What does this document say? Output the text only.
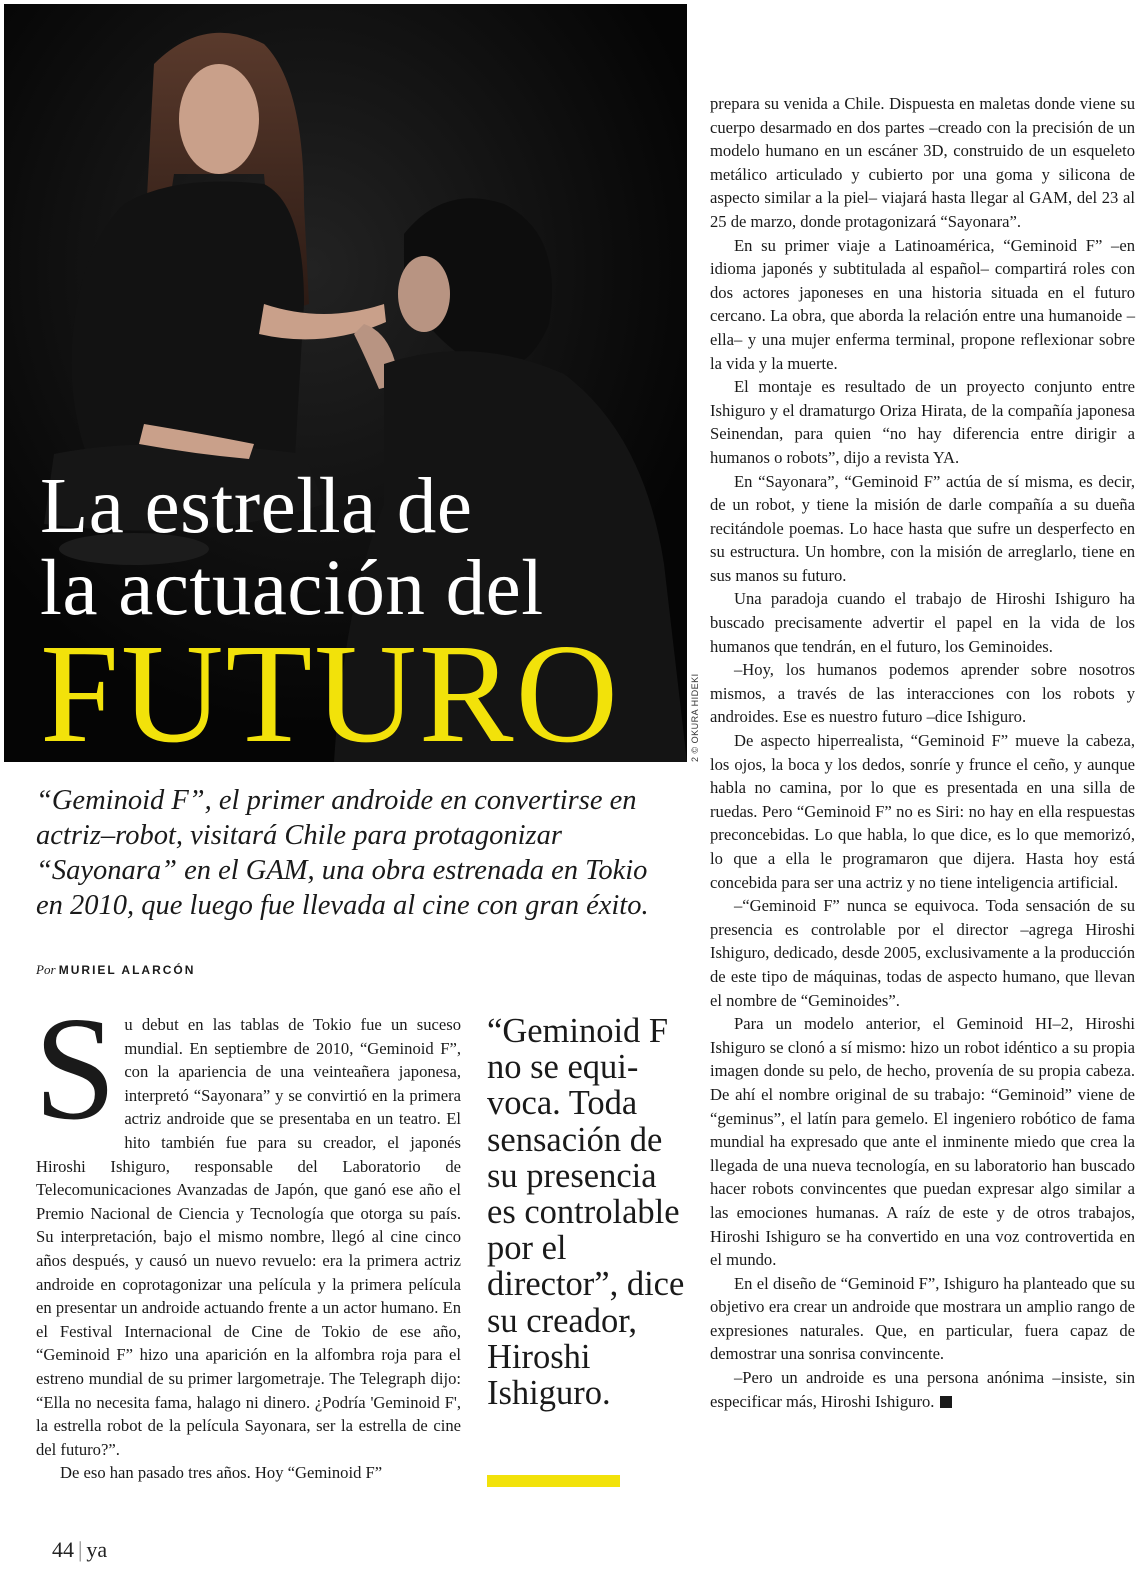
La estrella de
la actuación del
FUTURO	2 © OKURA HIDEKI

“Geminoid F”, el primer androide en convertirse en actriz–robot, visitará Chile para protagonizar “Sayonara” en el GAM, una obra estrenada en Tokio en 2010, que luego fue llevada al cine con gran éxito.

Por MURIEL ALARCÓN

Su debut en las tablas de Tokio fue un suceso mundial. En septiembre de 2010, “Geminoid F”, con la apariencia de una veinteañera japonesa, interpretó “Sayonara” y se convirtió en la primera actriz androide que se presentaba en un teatro. El hito también fue para su creador, el japonés Hiroshi Ishiguro, responsable del Laboratorio de Telecomunicaciones Avanzadas de Japón, que ganó ese año el Premio Nacional de Ciencia y Tecnología que otorga su país. Su interpretación, bajo el mismo nombre, llegó al cine cinco años después, y causó un nuevo revuelo: era la primera actriz androide en coprotagonizar una película y la primera película en presentar un androide actuando frente a un actor humano. En el Festival Internacional de Cine de Tokio de ese año, “Geminoid F” hizo una aparición en la alfombra roja para el estreno mundial de su primer largometraje. The Telegraph dijo: “Ella no necesita fama, halago ni dinero. ¿Podría 'Geminoid F', la estrella robot de la película Sayonara, ser la estrella de cine del futuro?”.

De eso han pasado tres años. Hoy “Geminoid F”

“Geminoid F no se equivoca. Toda sensación de su presencia es controlable por el director”, dice su creador, Hiroshi Ishiguro.

prepara su venida a Chile. Dispuesta en maletas donde viene su cuerpo desarmado en dos partes –creado con la precisión de un modelo humano en un escáner 3D, construido de un esqueleto metálico articulado y cubierto por una goma y silicona de aspecto similar a la piel– viajará hasta llegar al GAM, del 23 al 25 de marzo, donde protagonizará “Sayonara”.

En su primer viaje a Latinoamérica, “Geminoid F” –en idioma japonés y subtitulada al español– compartirá roles con dos actores japoneses en una historia situada en el futuro cercano. La obra, que aborda la relación entre una humanoide –ella– y una mujer enferma terminal, propone reflexionar sobre la vida y la muerte.

El montaje es resultado de un proyecto conjunto entre Ishiguro y el dramaturgo Oriza Hirata, de la compañía japonesa Seinendan, para quien “no hay diferencia entre dirigir a humanos o robots”, dijo a revista YA.

En “Sayonara”, “Geminoid F” actúa de sí misma, es decir, de un robot, y tiene la misión de darle compañía a su dueña recitándole poemas. Lo hace hasta que sufre un desperfecto en su estructura. Un hombre, con la misión de arreglarlo, tiene en sus manos su futuro.

Una paradoja cuando el trabajo de Hiroshi Ishiguro ha buscado precisamente advertir el papel en la vida de los humanos que tendrán, en el futuro, los Geminoides.

–Hoy, los humanos podemos aprender sobre nosotros mismos, a través de las interacciones con los robots y androides. Ese es nuestro futuro –dice Ishiguro.

De aspecto hiperrealista, “Geminoid F” mueve la cabeza, los ojos, la boca y los dedos, sonríe y frunce el ceño, y aunque habla no camina, por lo que es presentada en una silla de ruedas. Pero “Geminoid F” no es Siri: no hay en ella respuestas preconcebidas. Lo que habla, lo que dice, es lo que memorizó, lo que a ella le programaron que dijera. Hasta hoy está concebida para ser una actriz y no tiene inteligencia artificial.

–“Geminoid F” nunca se equivoca. Toda sensación de su presencia es controlable por el director –agrega Hiroshi Ishiguro, dedicado, desde 2005, exclusivamente a la producción de este tipo de máquinas, todas de aspecto humano, que llevan el nombre de “Geminoides”.

Para un modelo anterior, el Geminoid HI–2, Hiroshi Ishiguro se clonó a sí mismo: hizo un robot idéntico a su propia imagen donde su pelo, de hecho, provenía de su propia cabeza. De ahí el nombre original de su trabajo: “Geminoid” viene de “geminus”, el latín para gemelo. El ingeniero robótico de fama mundial ha expresado que ante el inminente miedo que crea la llegada de una nueva tecnología, en su laboratorio han buscado hacer robots convincentes que puedan expresar algo similar a las emociones humanas. A raíz de este y de otros trabajos, Hiroshi Ishiguro se ha convertido en una voz controvertida en el mundo.

En el diseño de “Geminoid F”, Ishiguro ha planteado que su objetivo era crear un androide que mostrara un amplio rango de expresiones naturales. Que, en particular, fuera capaz de demostrar una sonrisa convincente.

–Pero un androide es una persona anónima –insiste, sin especificar más, Hiroshi Ishiguro.

44 | ya
